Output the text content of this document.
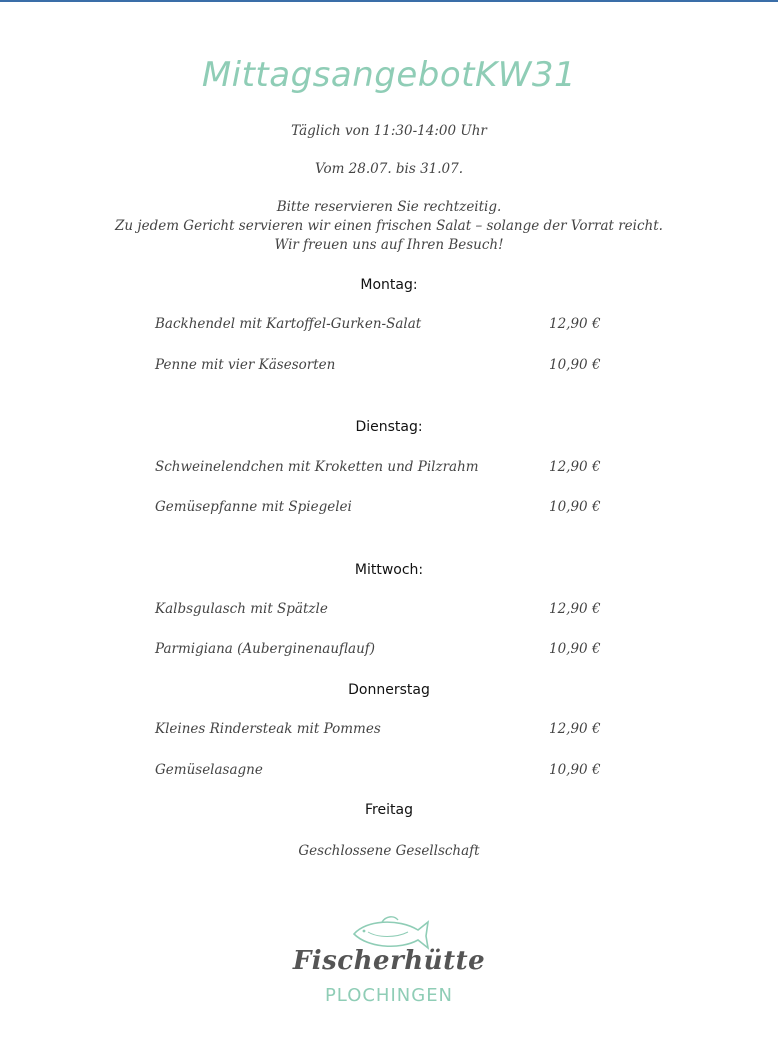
MittagsangebotKW31
Täglich von 11:30-14:00 Uhr
Vom 28.07. bis 31.07.
Bitte reservieren Sie rechtzeitig.
Zu jedem Gericht servieren wir einen frischen Salat – solange der Vorrat reicht.
Wir freuen uns auf Ihren Besuch!
Montag:
Backhendel mit Kartoffel-Gurken-Salat	12,90 €
Penne mit vier Käsesorten	10,90 €
Dienstag:
Schweinelendchen mit Kroketten und Pilzrahm	12,90 €
Gemüsepfanne mit Spiegelei	10,90 €
Mittwoch:
Kalbsgulasch mit Spätzle	12,90 €
Parmigiana (Auberginenauflauf)	10,90 €
Donnerstag
Kleines Rindersteak mit Pommes	12,90 €
Gemüselasagne	10,90 €
Freitag
Geschlossene Gesellschaft
Fischerhütte
PLOCHINGEN
